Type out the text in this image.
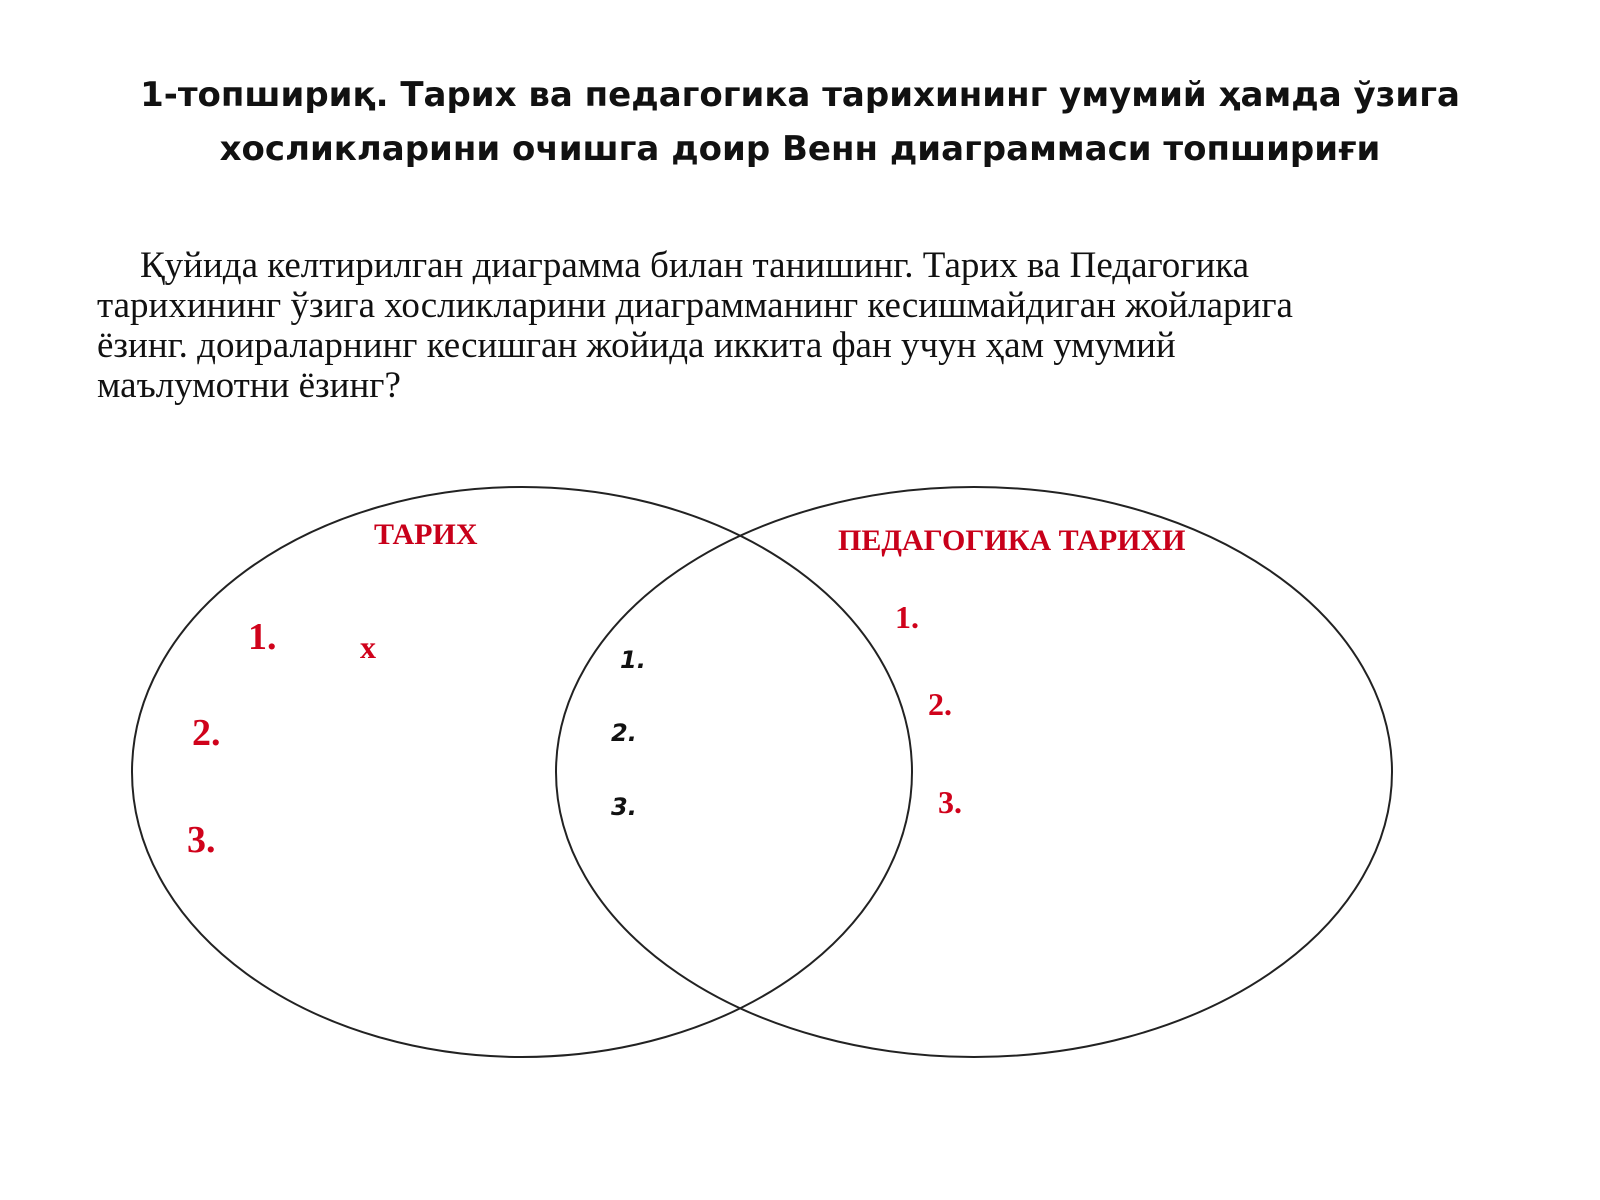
1-топшириқ. Тарих ва педагогика тарихининг умумий ҳамда ўзига
хосликларини очишга доир Венн диаграммаси топшириғи
Қуйида келтирилган диаграмма билан танишинг. Тарих ва Педагогика
тарихининг ўзига хосликларини диаграмманинг кесишмайдиган жойларига
ёзинг. доираларнинг кесишган жойида иккита фан учун ҳам умумий
маълумотни ёзинг?
ТАРИХ	ПЕДАГОГИКА ТАРИХИ
1.	x
2.
3.
1.
2.
3.
1.
2.
3.
